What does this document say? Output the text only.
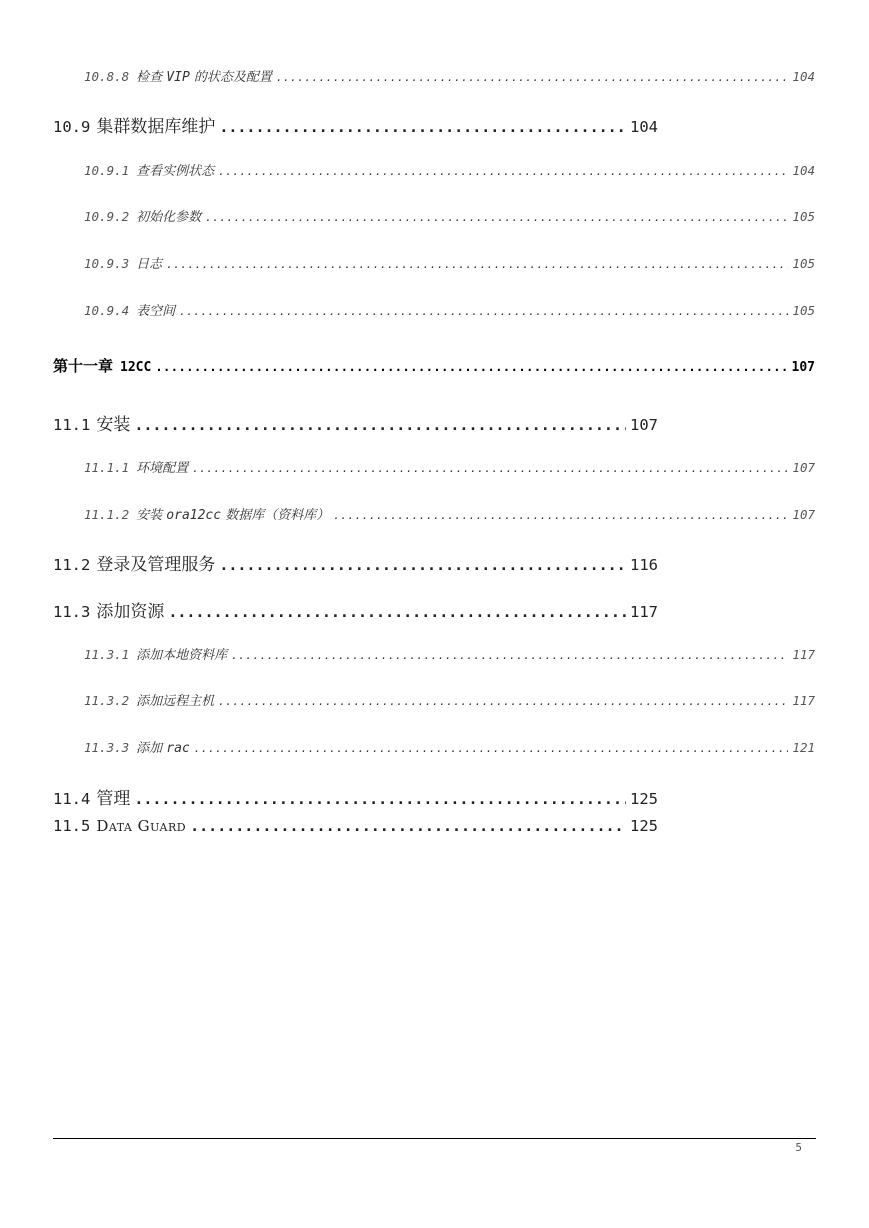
10.8.8 检查 VIP 的状态及配置 .....	104
10.9 集群数据库维护 .....	104
10.9.1 查看实例状态 .....	104
10.9.2 初始化参数 .....	105
10.9.3 日志 .....	105
10.9.4 表空间 .....	105
第十一章 12CC .....	107
11.1 安装 .....	107
11.1.1 环境配置 .....	107
11.1.2 安装 ora12cc 数据库（资料库） .....	107
11.2 登录及管理服务 .....	116
11.3 添加资源 .....	117
11.3.1 添加本地资料库 .....	117
11.3.2 添加远程主机 .....	117
11.3.3 添加 rac .....	121
11.4 管理 .....	125
11.5 Data Guard .....	125
5
